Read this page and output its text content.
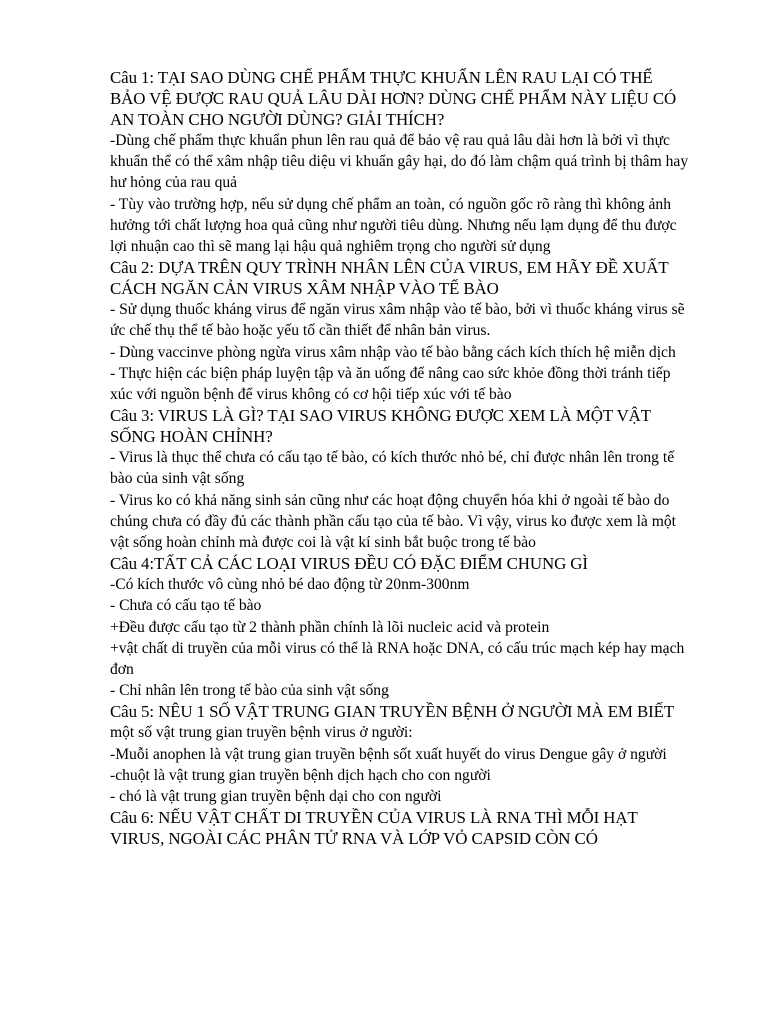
Câu 1: TẠI SAO DÙNG CHẾ PHẨM THỰC KHUẨN LÊN RAU LẠI CÓ THỂ BẢO VỆ ĐƯỢC RAU QUẢ LÂU DÀI HƠN? DÙNG CHẾ PHẨM NÀY LIỆU CÓ AN TOÀN CHO NGƯỜI DÙNG? GIẢI THÍCH?

-Dùng chế phẩm thực khuẩn phun lên rau quả để bảo vệ rau quả lâu dài hơn là bởi vì thực khuẩn thể có thể xâm nhập tiêu diệu vi khuẩn gây hại, do đó làm chậm quá trình bị thâm hay hư hỏng của rau quả

- Tùy vào trường hợp, nếu sử dụng chế phẩm an toàn, có nguồn gốc rõ ràng thì không ảnh hưởng tới chất lượng hoa quả cũng như người tiêu dùng. Nhưng nếu lạm dụng để thu được lợi nhuận cao thì sẽ mang lại hậu quả nghiêm trọng cho người sử dụng

Câu 2: DỰA TRÊN QUY TRÌNH NHÂN LÊN CỦA VIRUS, EM HÃY ĐỀ XUẤT CÁCH NGĂN CẢN VIRUS XÂM NHẬP VÀO TẾ BÀO

- Sử dụng thuốc kháng virus để ngăn virus xâm nhập vào tế bào, bởi vì thuốc kháng virus sẽ ức chế thụ thể tế bào hoặc yếu tố cần thiết để nhân bản virus.

- Dùng vaccinve phòng ngừa virus xâm nhập vào tế bào bằng cách kích thích hệ miễn dịch

- Thực hiện các biện pháp luyện tập và ăn uống để nâng cao sức khỏe đồng thời tránh tiếp xúc với nguồn bệnh để virus không có cơ hội tiếp xúc với tế bào

Câu 3: VIRUS LÀ GÌ? TẠI SAO VIRUS KHÔNG ĐƯỢC XEM LÀ MỘT VẬT SỐNG HOÀN CHỈNH?

- Virus là thục thể chưa có cấu tạo tế bào, có kích thước nhỏ bé, chỉ được nhân lên trong tế bào của sinh vật sống

- Virus ko có khả năng sinh sản cũng như các hoạt động chuyển hóa khi ở ngoài tế bào do chúng chưa có đầy đủ các thành phần cấu tạo của tế bào. Vì vậy, virus ko được xem là một vật sống hoàn chỉnh mà được coi là vật kí sinh bắt buộc trong tế bào

Câu 4:TẤT CẢ CÁC LOẠI VIRUS ĐỀU CÓ ĐẶC ĐIỂM CHUNG GÌ

-Có kích thước vô cùng nhỏ bé dao động từ 20nm-300nm

- Chưa có cấu tạo tế bào

+Đều được cấu tạo từ 2 thành phần chính là lõi nucleic acid và protein

+vật chất di truyền của mỗi virus có thể là RNA hoặc DNA, có cấu trúc mạch kép hay mạch đơn

- Chỉ nhân lên trong tế bào của sinh vật sống

Câu 5: NÊU 1 SỐ VẬT TRUNG GIAN TRUYỀN BỆNH Ở NGƯỜI MÀ EM BIẾT

một số vật trung gian truyền bệnh virus ở người:

-Muỗi anophen là vật trung gian truyền bệnh sốt xuất huyết do virus Dengue gây ở người

-chuột là vật trung gian truyền bệnh dịch hạch cho con người

- chó là vật trung gian truyền bệnh dại cho con người

Câu 6: NẾU VẬT CHẤT DI TRUYỀN CỦA VIRUS LÀ RNA THÌ MỖI HẠT VIRUS, NGOÀI CÁC PHÂN TỬ RNA VÀ LỚP VỎ CAPSID CÒN CÓ
